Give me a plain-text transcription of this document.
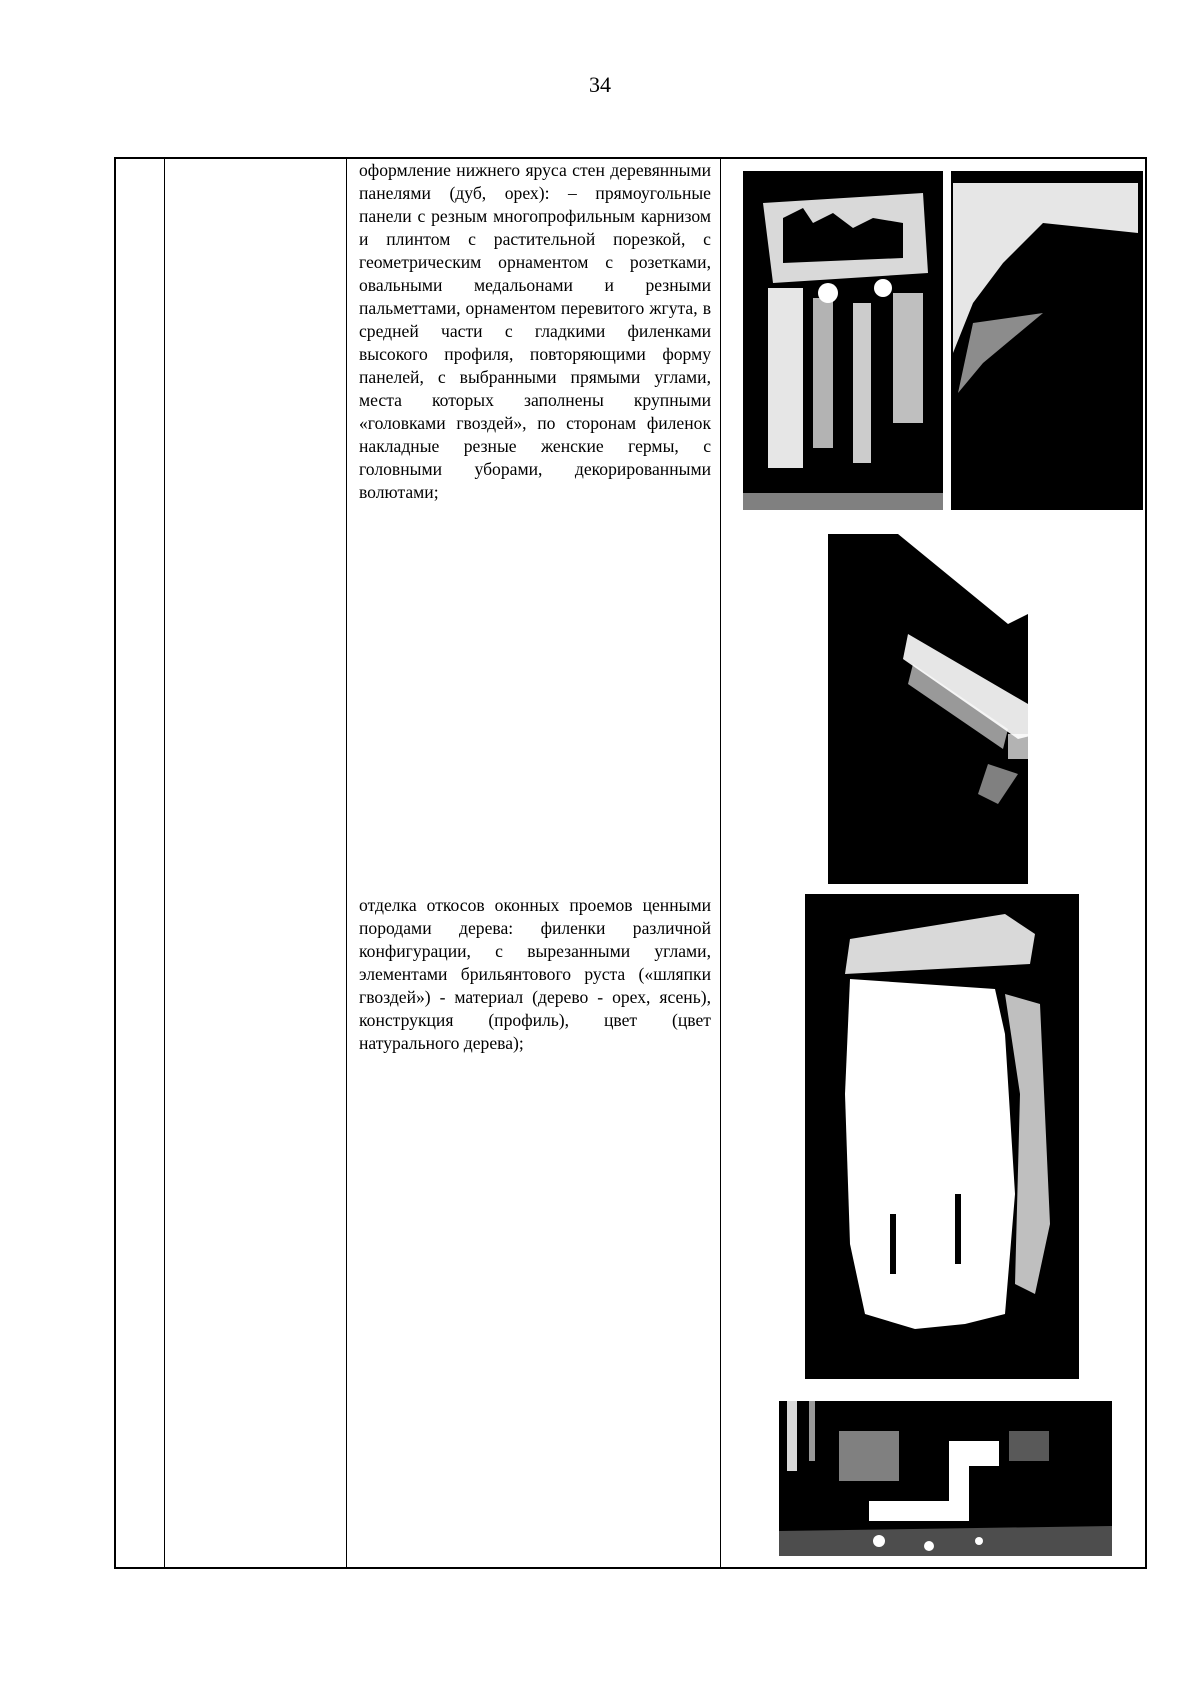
34
оформление нижнего яруса стен деревянными панелями (дуб, орех): – прямоугольные панели с резным многопрофильным карнизом и плинтом с растительной порезкой, с геометрическим орнаментом с розетками, овальными медальонами и резными пальметтами, орнаментом перевитого жгута, в средней части с гладкими филенками высокого профиля, повторяющими форму панелей, с выбранными прямыми углами, места которых заполнены крупными «головками гвоздей», по сторонам филенок накладные резные женские гермы, с головными уборами, декорированными волютами;
отделка откосов оконных проемов ценными породами дерева: филенки различной конфигурации, с вырезанными углами, элементами брильянтового руста («шляпки гвоздей») - материал (дерево - орех, ясень), конструкция (профиль), цвет (цвет натурального дерева);
